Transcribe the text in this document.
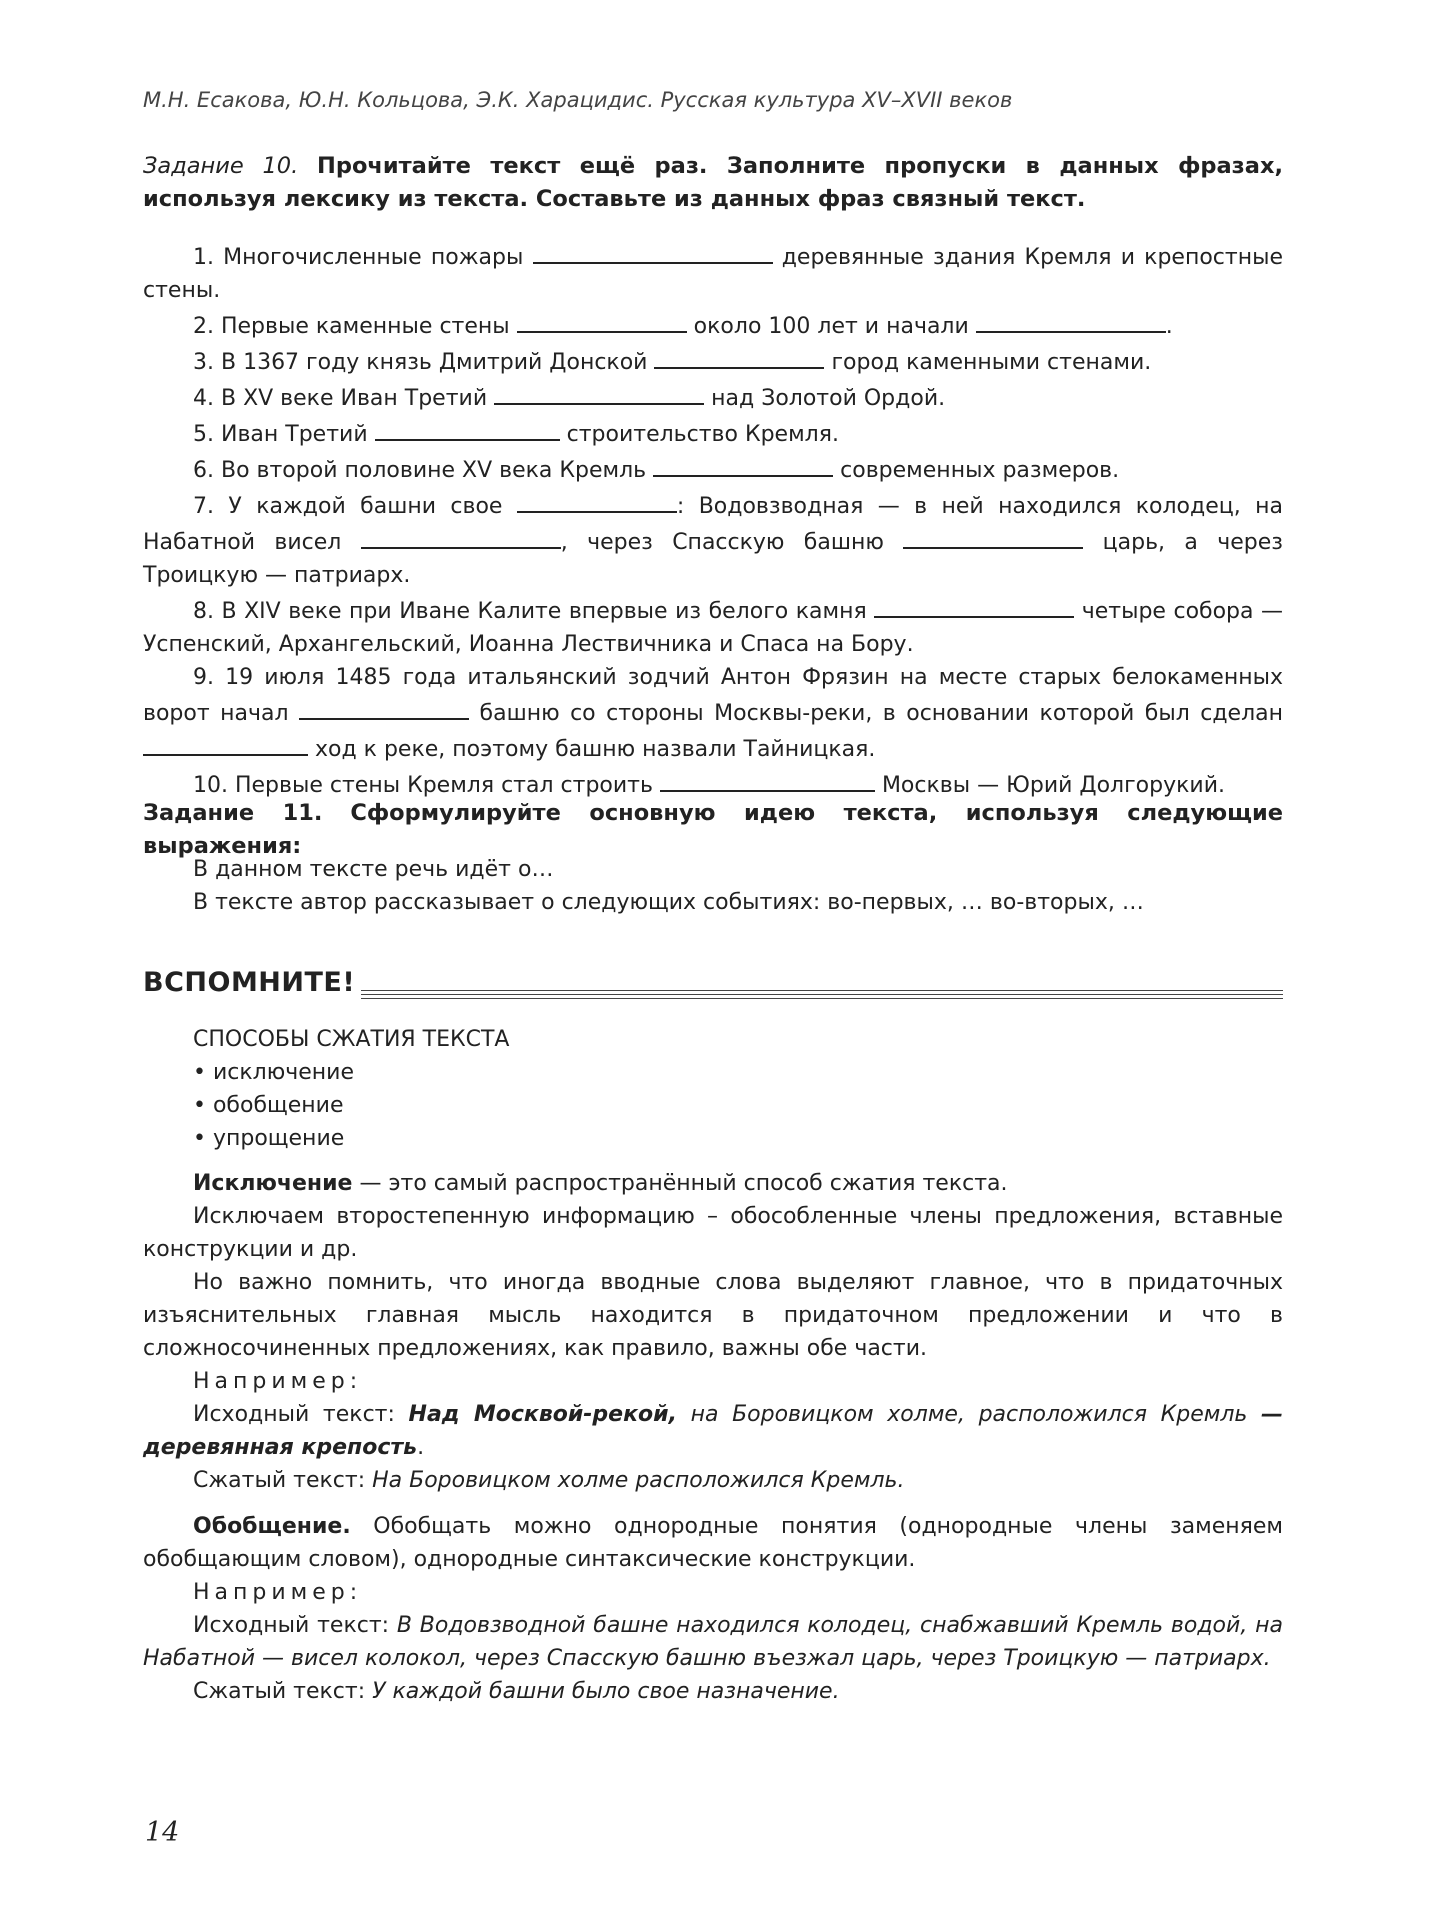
М.Н. Есакова, Ю.Н. Кольцова, Э.К. Харацидис. Русская культура XV–XVII веков
Задание 10. Прочитайте текст ещё раз. Заполните пропуски в данных фразах, используя лексику из текста. Составьте из данных фраз связный текст.

1. Многочисленные пожары	деревянные здания Кремля и крепостные стены.

2. Первые каменные стены	около 100 лет и начали	.

3. В 1367 году князь Дмитрий Донской	город каменными стенами.

4. В XV веке Иван Третий	над Золотой Ордой.

5. Иван Третий	строительство Кремля.

6. Во второй половине XV века Кремль	современных размеров.

7. У каждой башни свое	: Водовзводная — в ней находился колодец, на Набатной висел	, через Спасскую башню	царь, а через Троицкую — патриарх.

8. В XIV веке при Иване Калите впервые из белого камня	четыре собора — Успенский, Архангельский, Иоанна Лествичника и Спаса на Бору.

9. 19 июля 1485 года итальянский зодчий Антон Фрязин на месте старых белокаменных ворот начал	башню со стороны Москвы-реки, в основании которой был сделан  ход к реке, поэтому башню назвали Тайницкая.

10. Первые стены Кремля стал строить	Москвы — Юрий Долгорукий.

Задание 11. Сформулируйте основную идею текста, используя следующие выражения:
В данном тексте речь идёт о…
В тексте автор рассказывает о следующих событиях: во-первых, … во-вторых, …
ВСПОМНИТЕ!
СПОСОБЫ СЖАТИЯ ТЕКСТА
• исключение
• обобщение
• упрощение

Исключение — это самый распространённый способ сжатия текста.

Исключаем второстепенную информацию – обособленные члены предложения, вставные конструкции и др.

Но важно помнить, что иногда вводные слова выделяют главное, что в придаточных изъяснительных главная мысль находится в придаточном предложении и что в сложносочиненных предложениях, как правило, важны обе части.

Например:

Исходный текст: Над Москвой-рекой, на Боровицком холме, расположился Кремль — деревянная крепость.

Сжатый текст: На Боровицком холме расположился Кремль.

Обобщение. Обобщать можно однородные понятия (однородные члены заменяем обобщающим словом), однородные синтаксические конструкции.

Например:

Исходный текст: В Водовзводной башне находился колодец, снабжавший Кремль водой, на Набатной — висел колокол, через Спасскую башню въезжал царь, через Троицкую — патриарх.

Сжатый текст: У каждой башни было свое назначение.

14
